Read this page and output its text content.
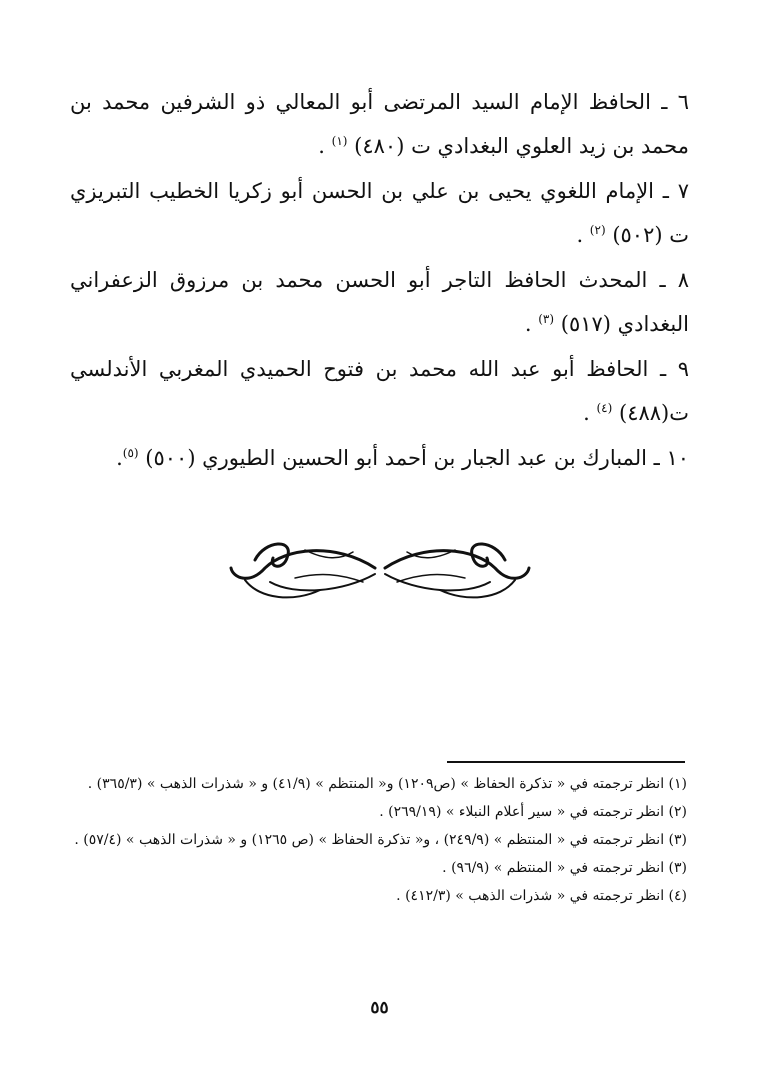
٦ ـ الحافظ الإمام السيد المرتضى أبو المعالي ذو الشرفين محمد بن محمد بن زيد العلوي البغدادي ت (٤٨٠) $^{(١)}$ .

٧ ـ الإمام اللغوي يحيى بن علي بن الحسن أبو زكريا الخطيب التبريزي ت (٥٠٢) $^{(٢)}$ .

٨ ـ المحدث الحافظ التاجر أبو الحسن محمد بن مرزوق الزعفراني البغدادي (٥١٧) $^{(٣)}$ .

٩ ـ الحافظ أبو عبد الله محمد بن فتوح الحميدي المغربي الأندلسي ت(٤٨٨) $^{(٤)}$ .

١٠ ـ المبارك بن عبد الجبار بن أحمد أبو الحسين الطيوري (٥٠٠) $^{(٥)}$.

(١) انظر ترجمته في « تذكرة الحفاظ » (ص١٢٠٩) و« المنتظم » (٤١/٩) و « شذرات الذهب » (٣٦٥/٣) .

(٢) انظر ترجمته في « سير أعلام النبلاء » (٢٦٩/١٩) .

(٣) انظر ترجمته في « المنتظم » (٢٤٩/٩) ، و« تذكرة الحفاظ » (ص ١٢٦٥) و « شذرات الذهب » (٥٧/٤) .

(٣) انظر ترجمته في « المنتظم » (٩٦/٩) .

(٤) انظر ترجمته في « شذرات الذهب » (٤١٢/٣) .

٥٥
